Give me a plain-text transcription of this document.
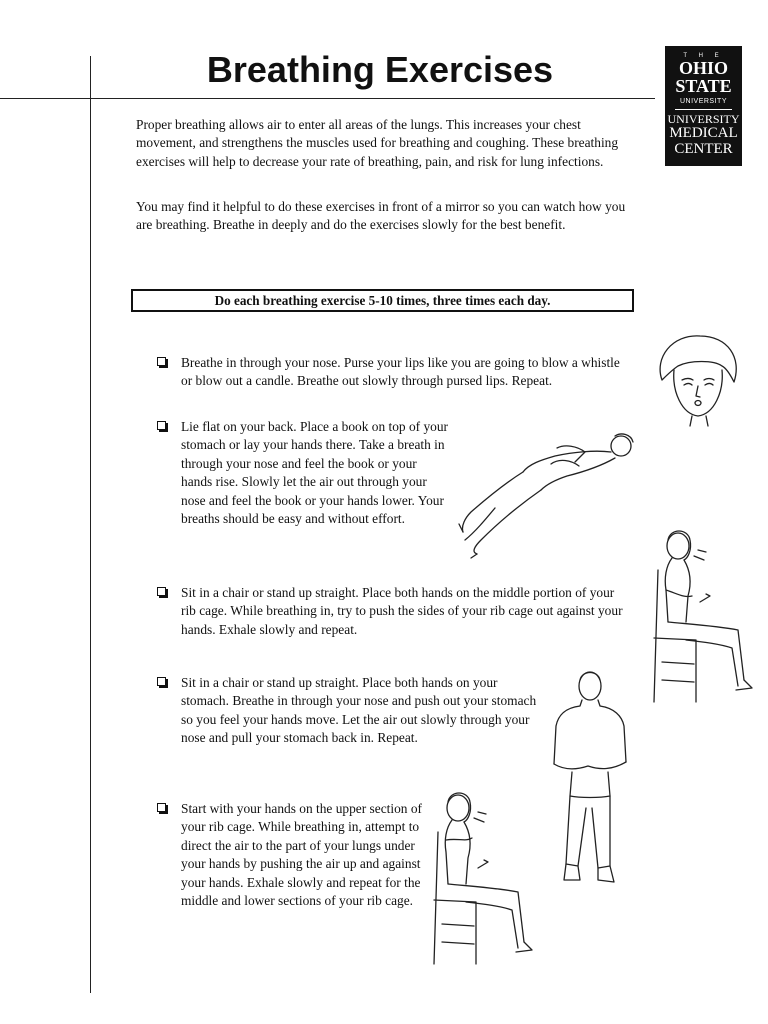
Breathing Exercises	T H E
OHIO
STATE
UNIVERSITY
UNIVERSITY
MEDICAL
CENTER

Proper breathing allows air to enter all areas of the lungs. This increases your chest movement, and strengthens the muscles used for breathing and coughing. These breathing exercises will help to decrease your rate of breathing, pain, and risk for lung infections.

You may find it helpful to do these exercises in front of a mirror so you can watch how you are breathing. Breathe in deeply and do the exercises slowly for the best benefit.

Do each breathing exercise 5-10 times, three times each day.

Breathe in through your nose. Purse your lips like you are going to blow a whistle or blow out a candle. Breathe out slowly through pursed lips. Repeat.

Lie flat on your back. Place a book on top of your stomach or lay your hands there. Take a breath in through your nose and feel the book or your hands rise. Slowly let the air out through your nose and feel the book or your hands lower. Your breaths should be easy and without effort.

Sit in a chair or stand up straight. Place both hands on the middle portion of your rib cage. While breathing in, try to push the sides of your rib cage out against your hands. Exhale slowly and repeat.

Sit in a chair or stand up straight. Place both hands on your stomach. Breathe in through your nose and push out your stomach so you feel your hands move. Let the air out slowly through your nose and pull your stomach back in. Repeat.

Start with your hands on the upper section of your rib cage. While breathing in, attempt to direct the air to the part of your lungs under your hands by pushing the air up and against your hands. Exhale slowly and repeat for the middle and lower sections of your rib cage.
